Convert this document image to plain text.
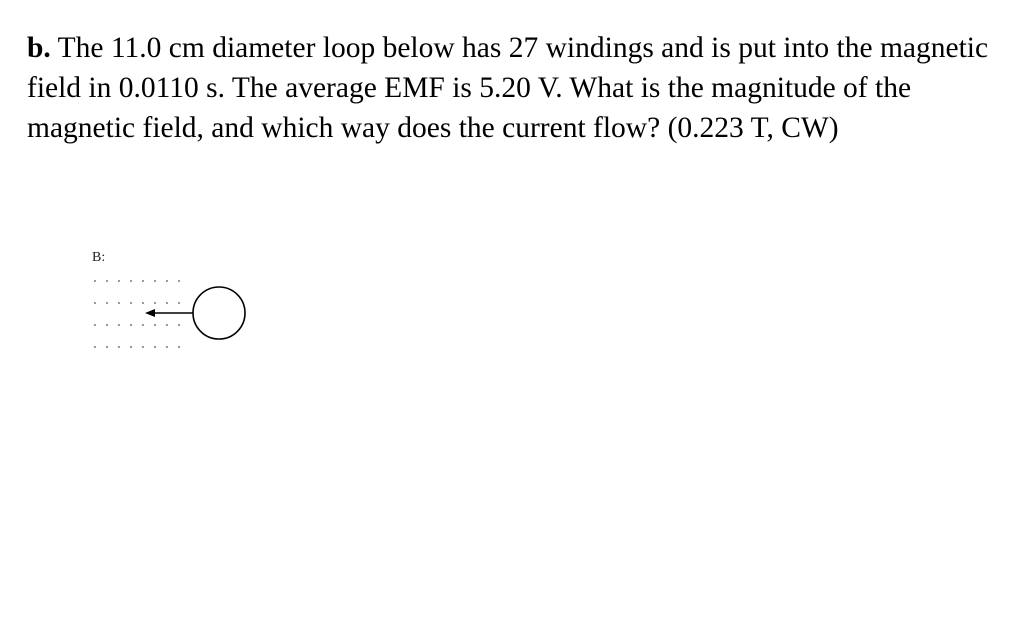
b. The 11.0 cm diameter loop below has 27 windings and is put into the magnetic field in 0.0110 s. The average EMF is 5.20 V. What is the magnitude of the magnetic field, and which way does the current flow? (0.223 T, CW)

B:
